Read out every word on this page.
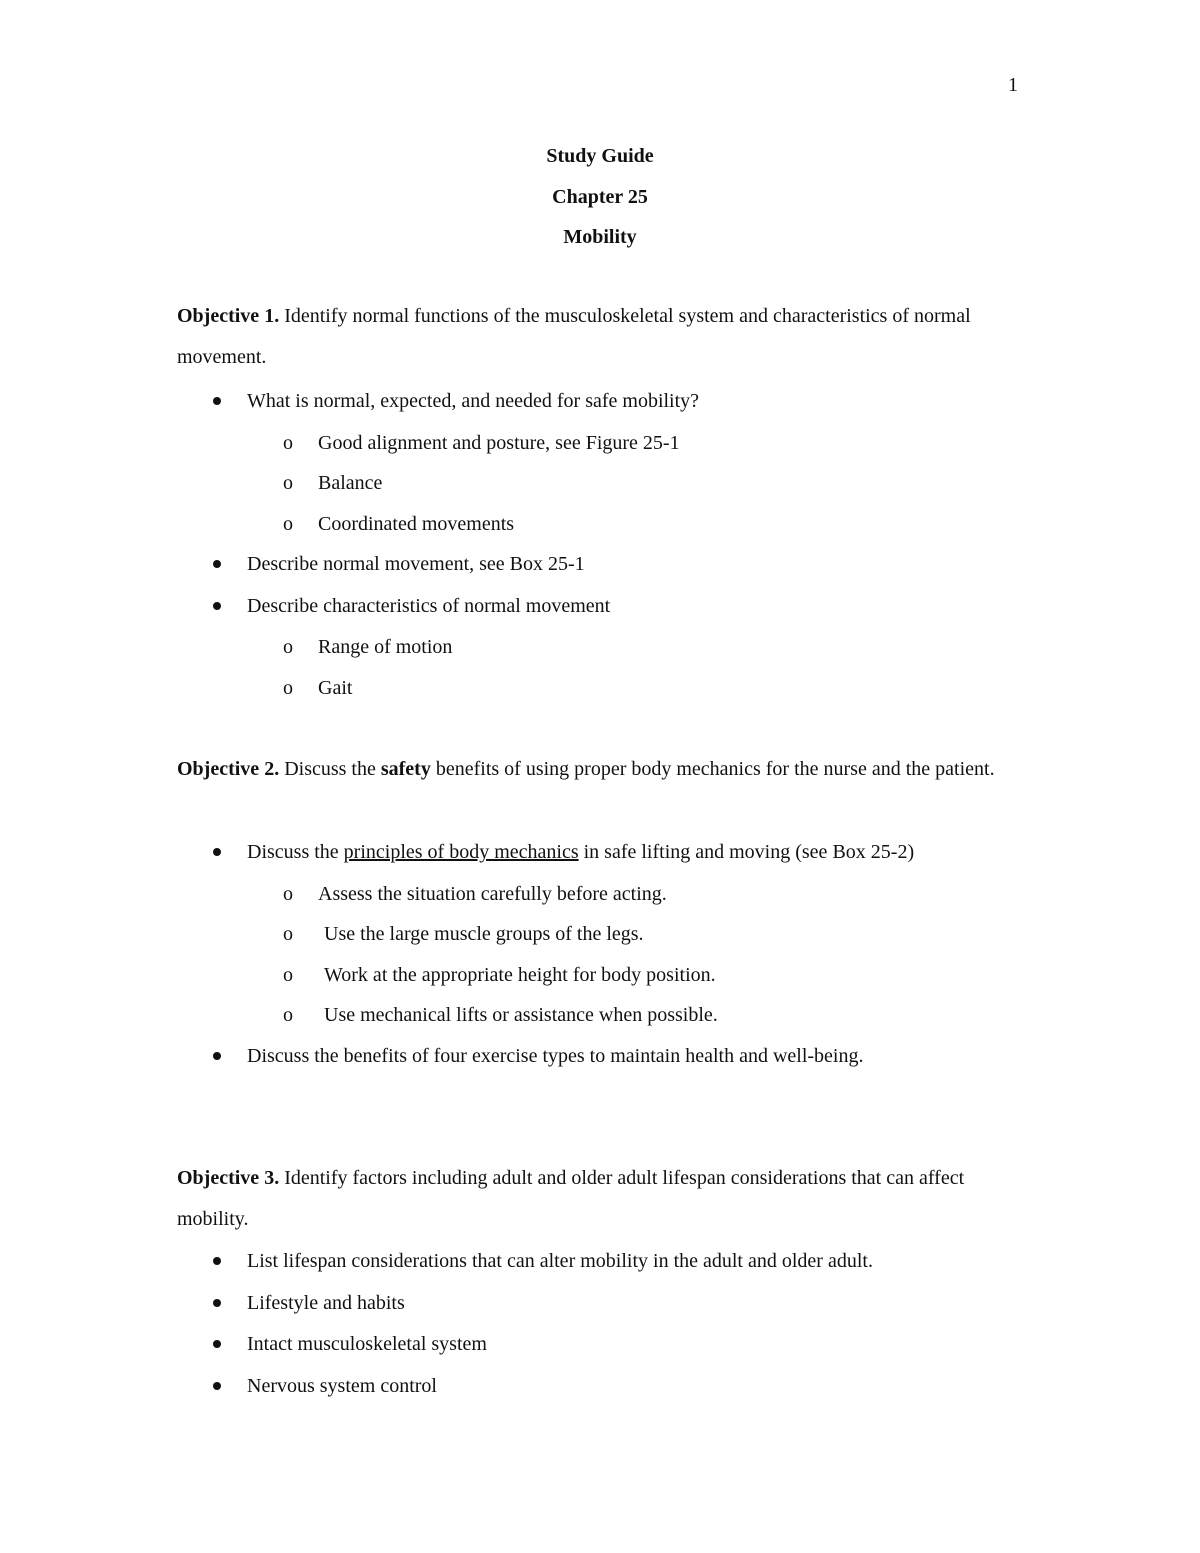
1
Study Guide
Chapter 25
Mobility
Objective 1. Identify normal functions of the musculoskeletal system and characteristics of normal movement.
What is normal, expected, and needed for safe mobility?
o Good alignment and posture, see Figure 25-1
o Balance
o Coordinated movements
Describe normal movement, see Box 25-1
Describe characteristics of normal movement
o Range of motion
o Gait
Objective 2. Discuss the safety benefits of using proper body mechanics for the nurse and the patient.
Discuss the principles of body mechanics in safe lifting and moving (see Box 25-2)
o Assess the situation carefully before acting.
o Use the large muscle groups of the legs.
o Work at the appropriate height for body position.
o Use mechanical lifts or assistance when possible.
Discuss the benefits of four exercise types to maintain health and well-being.
Objective 3. Identify factors including adult and older adult lifespan considerations that can affect mobility.
List lifespan considerations that can alter mobility in the adult and older adult.
Lifestyle and habits
Intact musculoskeletal system
Nervous system control
